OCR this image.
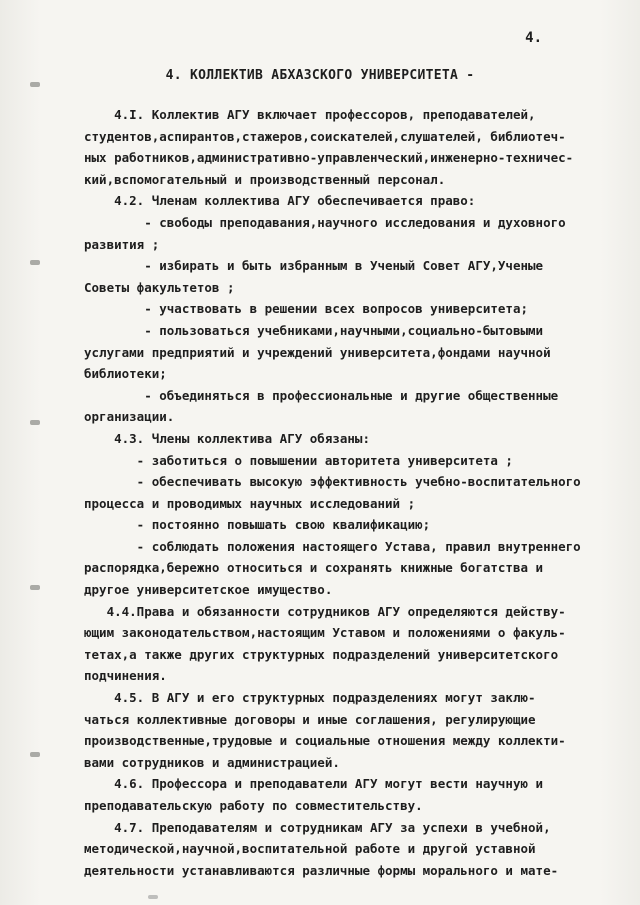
4.
4. КОЛЛЕКТИВ АБХАЗСКОГО УНИВЕРСИТЕТА -
4.I. Коллектив АГУ включает профессоров, преподавателей,
студентов,аспирантов,стажеров,соискателей,слушателей, библиотеч-
ных работников,административно-управленческий,инженерно-техничес-
кий,вспомогательный и производственный персонал.
4.2. Членам коллектива АГУ обеспечивается право:
- свободы преподавания,научного исследования и духовного
развития ;
- избирать и быть избранным в Ученый Совет АГУ,Ученые
Советы факультетов ;
- участвовать в решении всех вопросов университета;
- пользоваться учебниками,научными,социально-бытовыми
услугами предприятий и учреждений университета,фондами научной
библиотеки;
- объединяться в профессиональные и другие общественные
организации.
4.3. Члены коллектива АГУ обязаны:
- заботиться о повышении авторитета университета ;
- обеспечивать высокую эффективность учебно-воспитательного
процесса и проводимых научных исследований ;
- постоянно повышать свою квалификацию;
- соблюдать положения настоящего Устава, правил внутреннего
распорядка,бережно относиться и сохранять книжные богатства и
другое университетское имущество.
4.4.Права и обязанности сотрудников АГУ определяются действу-
ющим законодательством,настоящим Уставом и положениями о факуль-
тетах,а также других структурных подразделений университетского
подчинения.
4.5. В АГУ и его структурных подразделениях могут заклю-
чаться коллективные договоры и иные соглашения, регулирующие
производственные,трудовые и социальные отношения между коллекти-
вами сотрудников и администрацией.
4.6. Профессора и преподаватели АГУ могут вести научную и
преподавательскую работу по совместительству.
4.7. Преподавателям и сотрудникам АГУ за успехи в учебной,
методической,научной,воспитательной работе и другой уставной
деятельности устанавливаются различные формы морального и мате-
